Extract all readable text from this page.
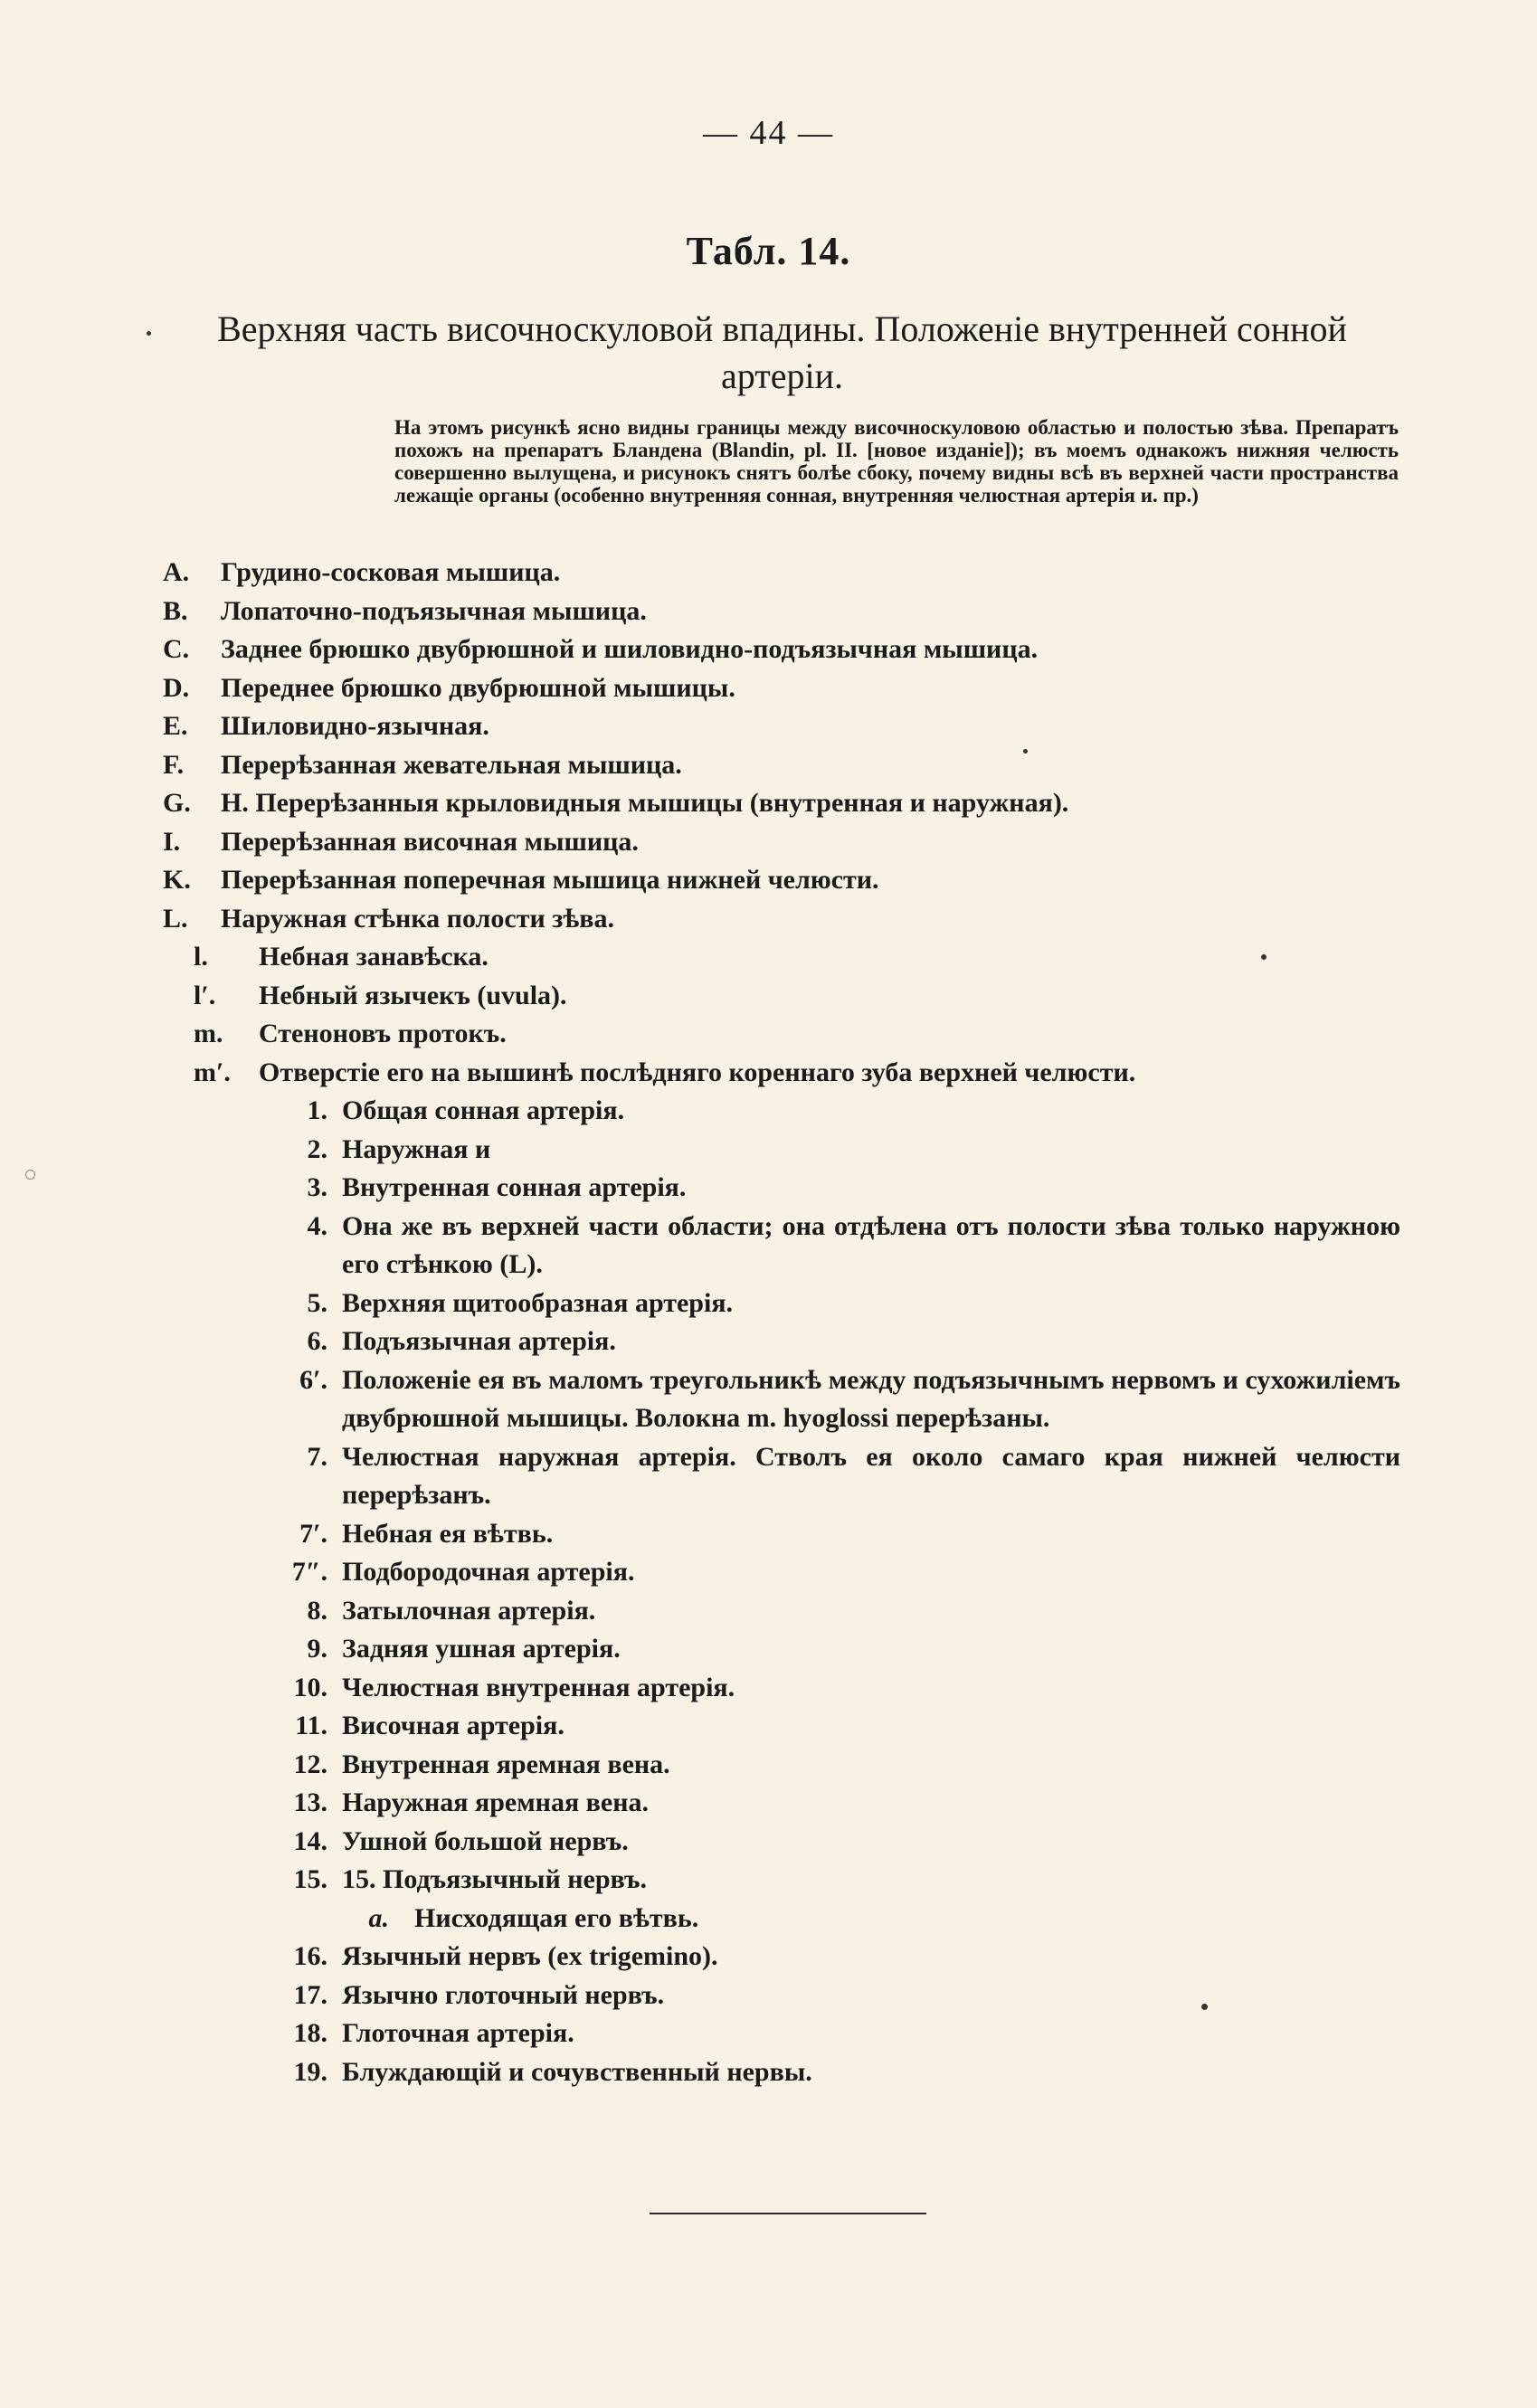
— 44 —
Табл. 14.
Верхняя часть височноскуловой впадины. Положеніе внутренней сонной артеріи.
На этомъ рисункѣ ясно видны границы между височноскуловою областью и полостью зѣва. Препаратъ похожъ на препаратъ Бландена (Blandin, pl. II. [новое изданіе]); въ моемъ однакожъ нижняя челюсть совершенно вылущена, и рисунокъ снятъ болѣе сбоку, почему видны всѣ въ верхней части пространства лежащіе органы (особенно внутренняя сонная, внутренняя челюстная артерія и. пр.)
A.	Грудино-сосковая мышица.
B.	Лопаточно-подъязычная мышица.
C.	Заднее брюшко двубрюшной и шиловидно-подъязычная мышица.
D.	Переднее брюшко двубрюшной мышицы.
E.	Шиловидно-язычная.
F.	Перерѣзанная жевательная мышица.
G.	H. Перерѣзанныя крыловидныя мышицы (внутренная и наружная).
I.	Перерѣзанная височная мышица.
K.	Перерѣзанная поперечная мышица нижней челюсти.
L.	Наружная стѣнка полости зѣва.
l.	Небная занавѣска.
l′.	Небный язычекъ (uvula).
m.	Стеноновъ протокъ.
m′.	Отверстіе его на вышинѣ послѣдняго кореннаго зуба верхней челюсти.
1. Общая сонная артерія.
2. Наружная и
3. Внутренная сонная артерія.
4. Она же въ верхней части области; она отдѣлена отъ полости зѣва только наружною его стѣнкою (L).
5. Верхняя щитообразная артерія.
6. Подъязычная артерія.
6′. Положеніе ея въ маломъ треугольникѣ между подъязычнымъ нервомъ и сухожиліемъ двубрюшной мышицы. Волокна m. hyoglossi перерѣзаны.
7. Челюстная наружная артерія. Стволъ ея около самаго края нижней челюсти перерѣзанъ.
7′. Небная ея вѣтвь.
7″. Подбородочная артерія.
8. Затылочная артерія.
9. Задняя ушная артерія.
10. Челюстная внутренная артерія.
11. Височная артерія.
12. Внутренная яремная вена.
13. Наружная яремная вена.
14. Ушной большой нервъ.
15. 15. Подъязычный нервъ.
a. Нисходящая его вѣтвь.
16. Язычный нервъ (ex trigemino).
17. Язычно глоточный нервъ.
18. Глоточная артерія.
19. Блуждающій и сочувственный нервы.
